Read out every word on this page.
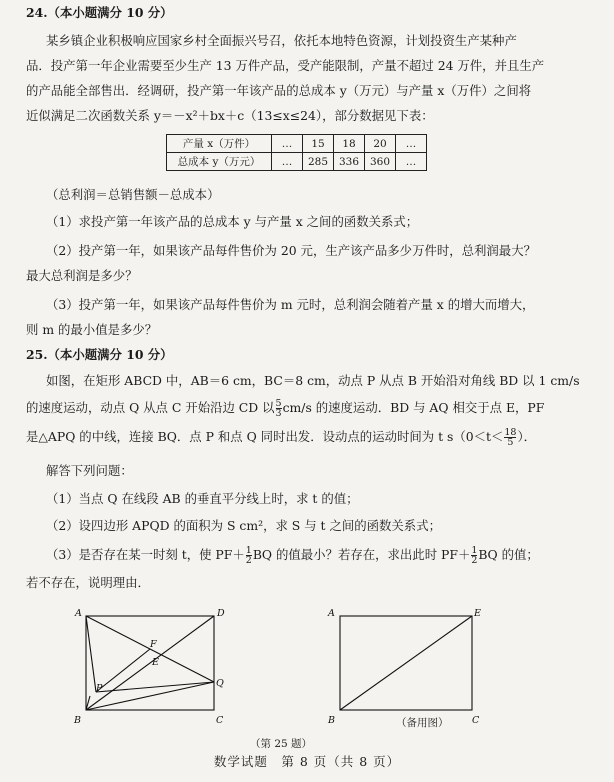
24.（本小题满分 10 分）
某乡镇企业积极响应国家乡村全面振兴号召，依托本地特色资源，计划投资生产某种产
品．投产第一年企业需要至少生产 13 万件产品，受产能限制，产量不超过 24 万件，并且生产
的产品能全部售出．经调研，投产第一年该产品的总成本 y（万元）与产量 x（万件）之间将
近似满足二次函数关系 y＝－x²＋bx＋c（13≤x≤24），部分数据见下表：
产量 x（万件）	…	15	18	20	…
总成本 y（万元）	…	285	336	360	…
（总利润＝总销售额－总成本）
（1）求投产第一年该产品的总成本 y 与产量 x 之间的函数关系式；
（2）投产第一年，如果该产品每件售价为 20 元，生产该产品多少万件时，总利润最大？
最大总利润是多少？
（3）投产第一年，如果该产品每件售价为 m 元时，总利润会随着产量 x 的增大而增大，
则 m 的最小值是多少？
25.（本小题满分 10 分）
如图，在矩形 ABCD 中，AB＝6 cm，BC＝8 cm，动点 P 从点 B 开始沿对角线 BD 以 1 cm/s
的速度运动，动点 Q 从点 C 开始沿边 CD 以 $\frac{5}{3} cm/s$ 的速度运动．BD 与 AQ 相交于点 E，PF
是△APQ 的中线，连接 BQ．点 P 和点 Q 同时出发．设动点的运动时间为 t $s(0<t< \frac{18}{5}$ ）．
解答下列问题：
（1）当点 Q 在线段 AB 的垂直平分线上时，求 t 的值；
（2）设四边形 APQD 的面积为 S cm²，求 S 与 t 之间的函数关系式；
（3）是否存在某一时刻 t，使 $PF+ \frac{1}{2}$ BQ 的值最小？若存在，求出此时 $PF+ \frac{1}{2}$ BQ 的值；
若不存在，说明理由．
A	D
B	C
F
E
P	Q
A	E
B	C
（备用图）
（第 25 题）
数学试题　第 8 页（共 8 页）
